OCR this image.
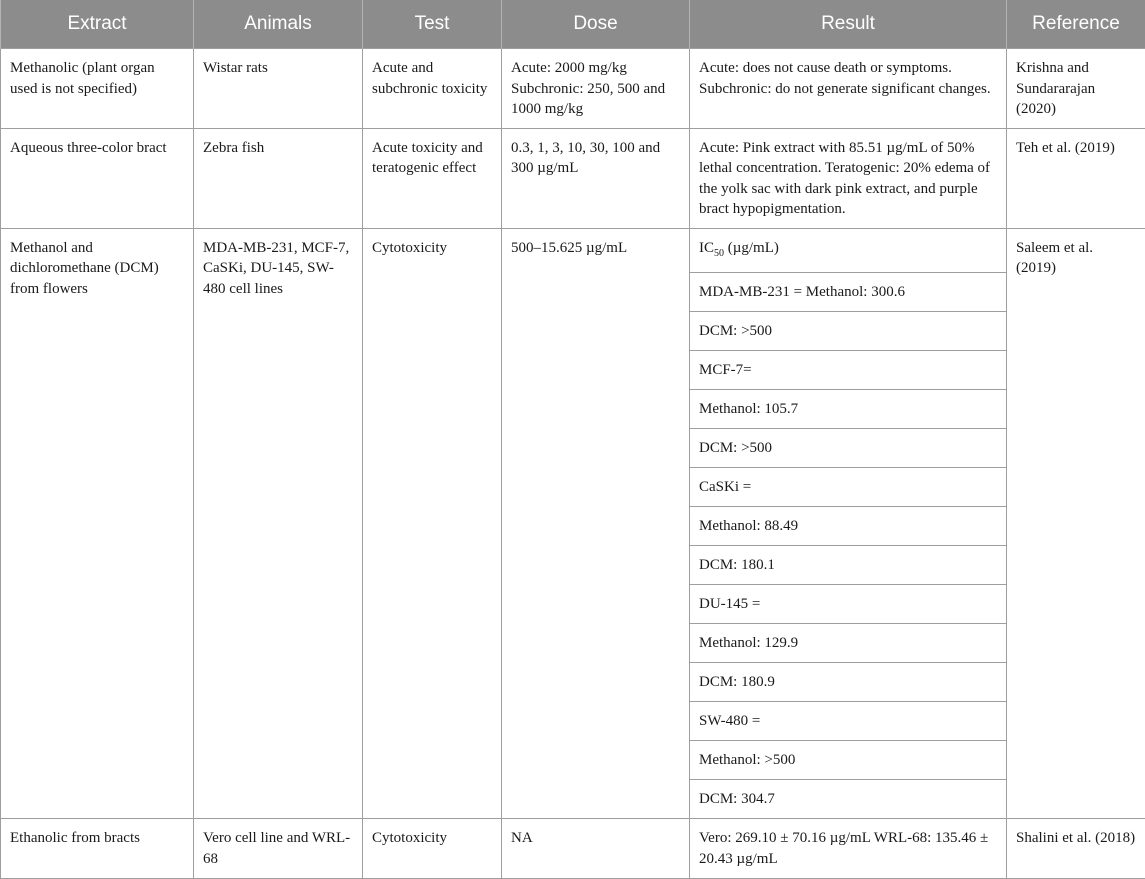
Extract	Animals	Test	Dose	Result	Reference
Methanolic (plant organ used is not specified)	Wistar rats	Acute and subchronic toxicity	Acute: 2000 mg/kg Subchronic: 250, 500 and 1000 mg/kg	Acute: does not cause death or symptoms. Subchronic: do not generate significant changes.	Krishna and Sundararajan (2020)
Aqueous three-color bract	Zebra fish	Acute toxicity and teratogenic effect	0.3, 1, 3, 10, 30, 100 and 300 µg/mL	Acute: Pink extract with 85.51 µg/mL of 50% lethal concentration. Teratogenic: 20% edema of the yolk sac with dark pink extract, and purple bract hypopigmentation.	Teh et al. (2019)
Methanol and dichloromethane (DCM) from flowers	MDA-MB-231, MCF-7, CaSKi, DU-145, SW-480 cell lines	Cytotoxicity	500–15.625 µg/mL	$IC_{50}$ (µg/mL)	Saleem et al. (2019)
				MDA-MB-231 = Methanol: 300.6	
				DCM: >500	
				MCF-7=	
				Methanol: 105.7	
				DCM: >500	
				CaSKi =	
				Methanol: 88.49	
				DCM: 180.1	
				DU-145 =	
				Methanol: 129.9	
				DCM: 180.9	
				SW-480 =	
				Methanol: >500	
				DCM: 304.7	
Ethanolic from bracts	Vero cell line and WRL-68	Cytotoxicity	NA	Vero: 269.10 ± 70.16 µg/mL WRL-68: 135.46 ± 20.43 µg/mL	Shalini et al. (2018)
